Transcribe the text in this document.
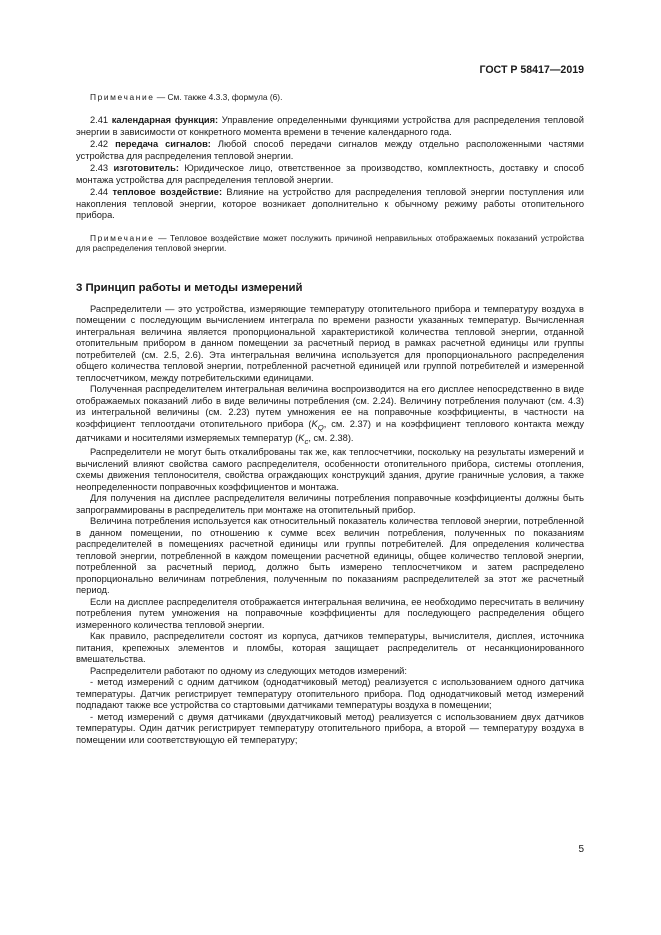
ГОСТ Р 58417—2019

Примечание — См. также 4.3.3, формула (6).

2.41 календарная функция: Управление определенными функциями устройства для распределения тепловой энергии в зависимости от конкретного момента времени в течение календарного года.

2.42 передача сигналов: Любой способ передачи сигналов между отдельно расположенными частями устройства для распределения тепловой энергии.

2.43 изготовитель: Юридическое лицо, ответственное за производство, комплектность, доставку и способ монтажа устройства для распределения тепловой энергии.

2.44 тепловое воздействие: Влияние на устройство для распределения тепловой энергии поступления или накопления тепловой энергии, которое возникает дополнительно к обычному режиму работы отопительного прибора.

Примечание — Тепловое воздействие может послужить причиной неправильных отображаемых показаний устройства для распределения тепловой энергии.

3 Принцип работы и методы измерений

Распределители — это устройства, измеряющие температуру отопительного прибора и температуру воздуха в помещении с последующим вычислением интеграла по времени разности указанных температур. Вычисленная интегральная величина является пропорциональной характеристикой количества тепловой энергии, отданной отопительным прибором в данном помещении за расчетный период в рамках расчетной единицы или группы потребителей (см. 2.5, 2.6). Эта интегральная величина используется для пропорционального распределения общего количества тепловой энергии, потребленной расчетной единицей или группой потребителей и измеренной теплосчетчиком, между потребительскими единицами.

Полученная распределителем интегральная величина воспроизводится на его дисплее непосредственно в виде отображаемых показаний либо в виде величины потребления (см. 2.24). Величину потребления получают (см. 4.3) из интегральной величины (см. 2.23) путем умножения ее на поправочные коэффициенты, в частности на коэффициент теплоотдачи отопительного прибора ($K_Q$, см. 2.37) и на коэффициент теплового контакта между датчиками и носителями измеряемых температур ($K_c$, см. 2.38).

Распределители не могут быть откалиброваны так же, как теплосчетчики, поскольку на результаты измерений и вычислений влияют свойства самого распределителя, особенности отопительного прибора, системы отопления, схемы движения теплоносителя, свойства ограждающих конструкций здания, другие граничные условия, а также неопределенности поправочных коэффициентов и монтажа.

Для получения на дисплее распределителя величины потребления поправочные коэффициенты должны быть запрограммированы в распределитель при монтаже на отопительный прибор.

Величина потребления используется как относительный показатель количества тепловой энергии, потребленной в данном помещении, по отношению к сумме всех величин потребления, полученных по показаниям распределителей в помещениях расчетной единицы или группы потребителей. Для определения количества тепловой энергии, потребленной в каждом помещении расчетной единицы, общее количество тепловой энергии, потребленной за расчетный период, должно быть измерено теплосчетчиком и затем распределено пропорционально величинам потребления, полученным по показаниям распределителей за этот же расчетный период.

Если на дисплее распределителя отображается интегральная величина, ее необходимо пересчитать в величину потребления путем умножения на поправочные коэффициенты для последующего распределения общего измеренного количества тепловой энергии.

Как правило, распределители состоят из корпуса, датчиков температуры, вычислителя, дисплея, источника питания, крепежных элементов и пломбы, которая защищает распределитель от несанкционированного вмешательства.

Распределители работают по одному из следующих методов измерений:

- метод измерений с одним датчиком (однодатчиковый метод) реализуется с использованием одного датчика температуры. Датчик регистрирует температуру отопительного прибора. Под однодатчиковый метод измерений подпадают также все устройства со стартовыми датчиками температуры воздуха в помещении;

- метод измерений с двумя датчиками (двухдатчиковый метод) реализуется с использованием двух датчиков температуры. Один датчик регистрирует температуру отопительного прибора, а второй — температуру воздуха в помещении или соответствующую ей температуру;

5
